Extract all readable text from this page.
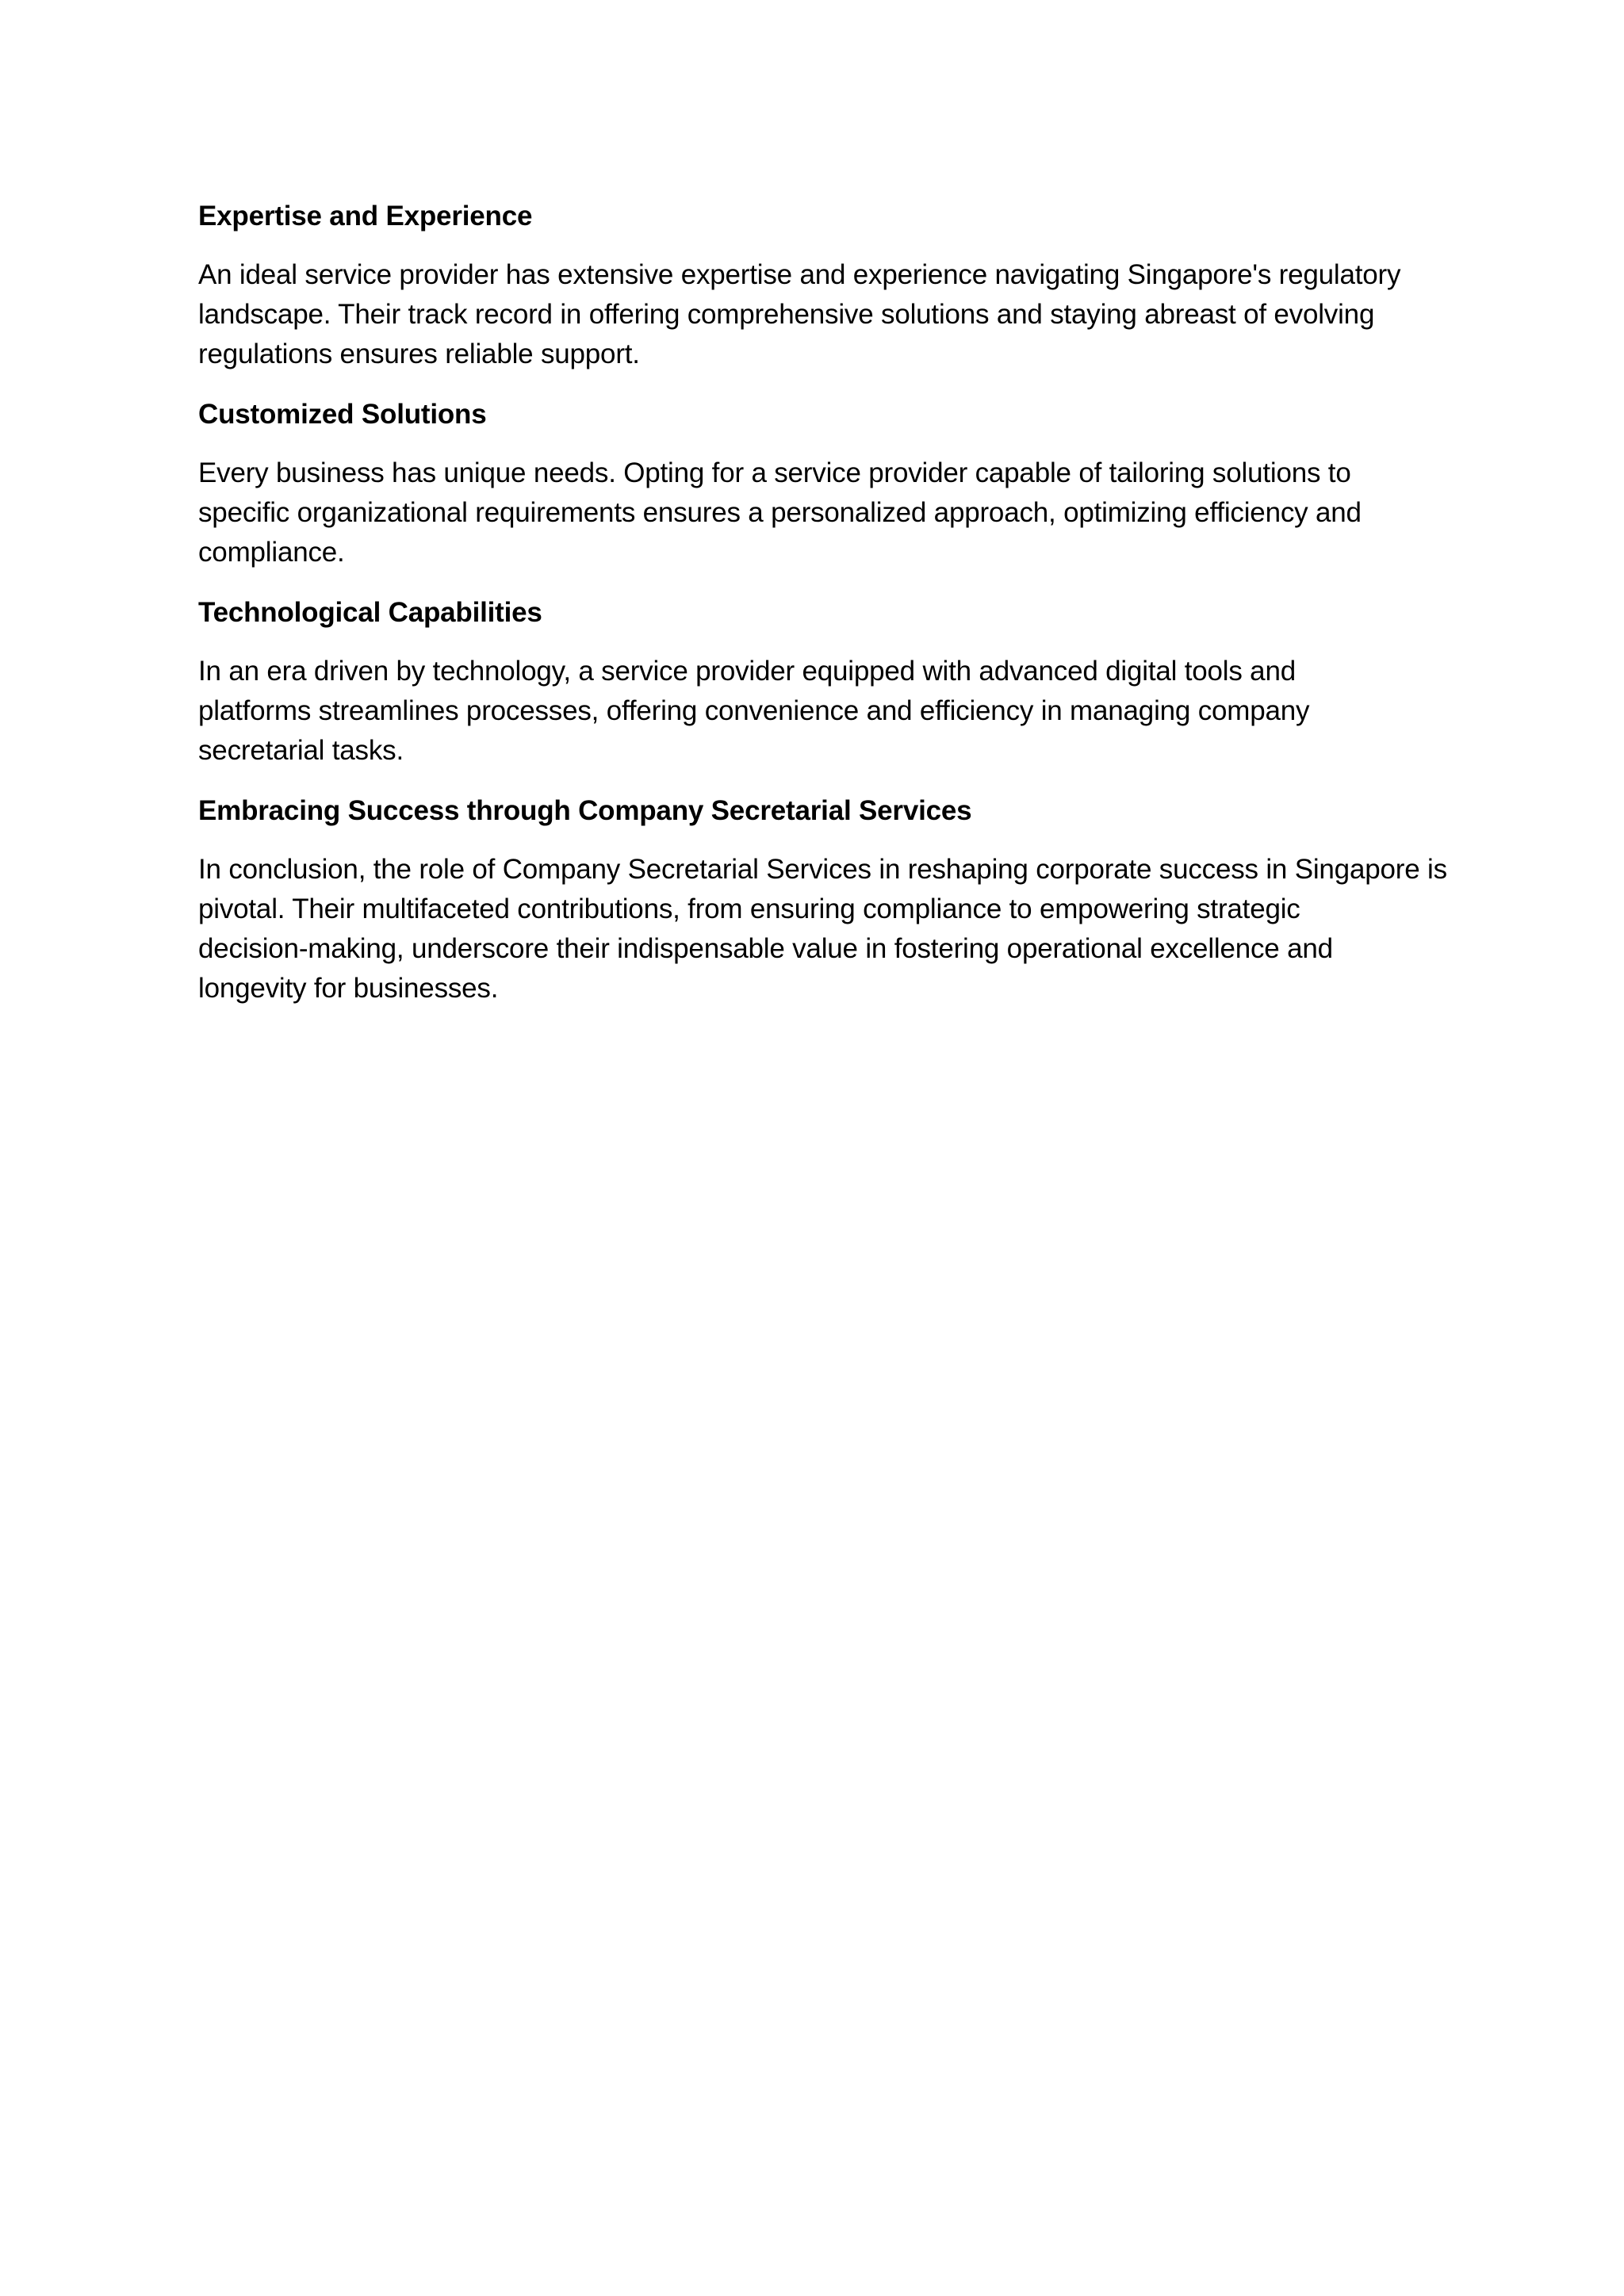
Expertise and Experience
An ideal service provider has extensive expertise and experience navigating Singapore's regulatory
landscape. Their track record in offering comprehensive solutions and staying abreast of evolving
regulations ensures reliable support.
Customized Solutions
Every business has unique needs. Opting for a service provider capable of tailoring solutions to
specific organizational requirements ensures a personalized approach, optimizing efficiency and
compliance.
Technological Capabilities
In an era driven by technology, a service provider equipped with advanced digital tools and
platforms streamlines processes, offering convenience and efficiency in managing company
secretarial tasks.
Embracing Success through Company Secretarial Services
In conclusion, the role of Company Secretarial Services in reshaping corporate success in Singapore is
pivotal. Their multifaceted contributions, from ensuring compliance to empowering strategic
decision-making, underscore their indispensable value in fostering operational excellence and
longevity for businesses.
